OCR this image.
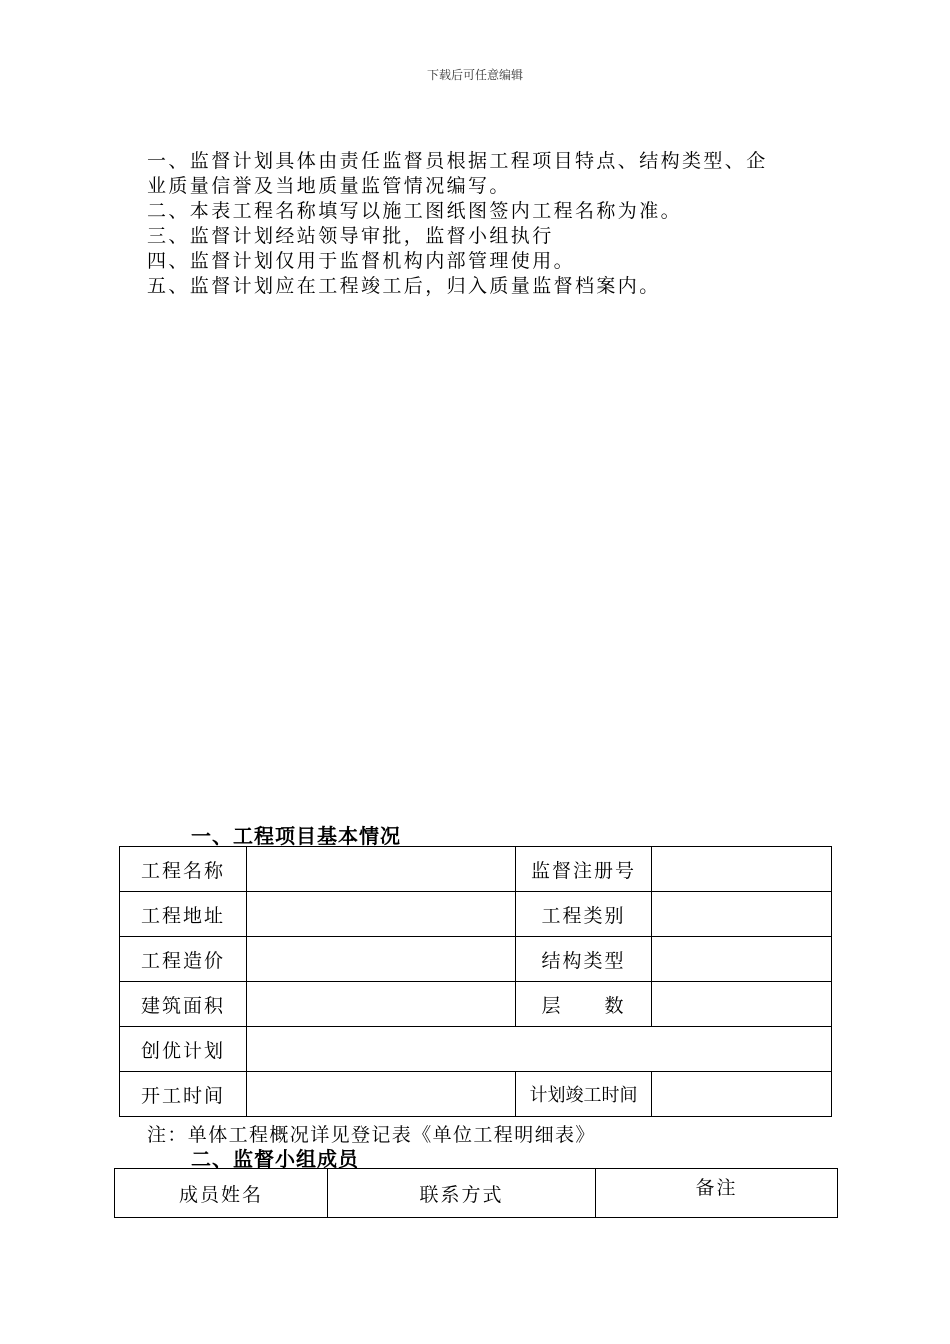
下载后可任意编辑
一、监督计划具体由责任监督员根据工程项目特点、结构类型、企
业质量信誉及当地质量监管情况编写。
二、本表工程名称填写以施工图纸图签内工程名称为准。
三、监督计划经站领导审批，监督小组执行
四、监督计划仅用于监督机构内部管理使用。
五、监督计划应在工程竣工后，归入质量监督档案内。
一、工程项目基本情况
工程名称		监督注册号	
工程地址		工程类别	
工程造价		结构类型	
建筑面积		层　　数	
创优计划			
开工时间		计划竣工时间	
注：单体工程概况详见登记表《单位工程明细表》
二、监督小组成员
成员姓名	联系方式	备注
